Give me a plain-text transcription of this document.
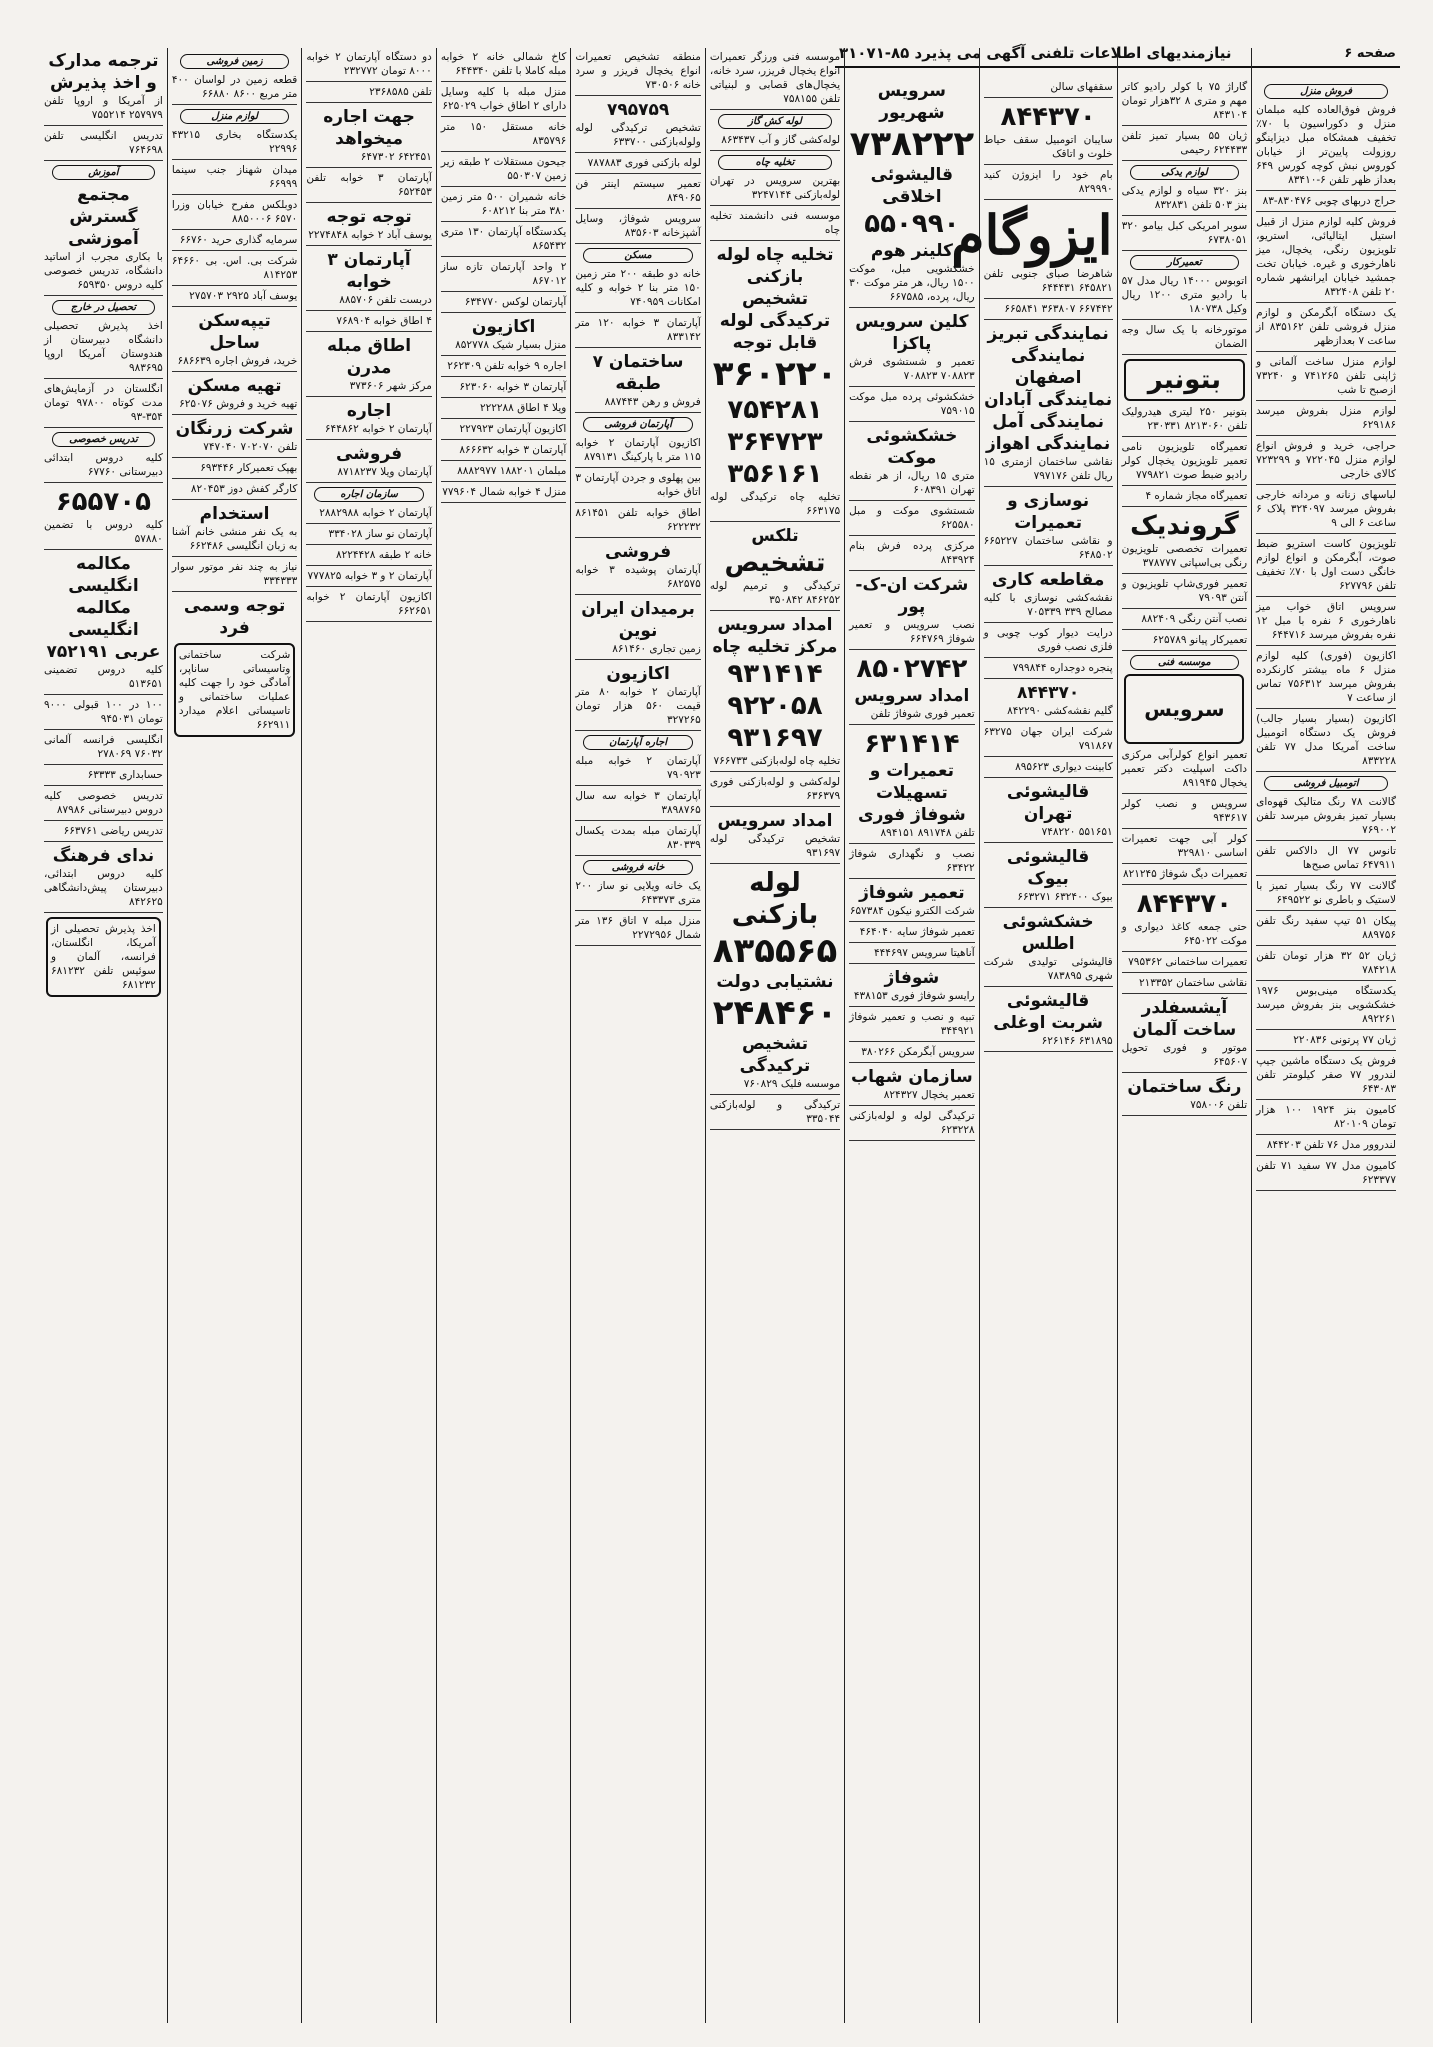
صفحه ۶
نیازمندیهای اطلاعات تلفنی آگهی می پذیرد ۸۵-۳۱۰۷۱
فروش منزل
فروش فوق‌العاده کلیه مبلمان منزل و دکوراسیون با ۷۰٪ تخفیف همشکاه مبل دیزاینگو روزولت پایین‌تر از خیابان کوروس نبش کوچه کورس ۶۴۹ بعداز ظهر تلفن ۶-۸۳۴۱۰
حراج دربهای چوبی ۸۳۰۴۷۶-۸۳
فروش کلیه لوازم منزل از قبیل استیل ایتالیائی، استریو، تلویزیون رنگی، یخچال، میز ناهارخوری و غیره. خیابان تخت جمشید خیابان ایرانشهر شماره ۲۰ تلفن ۸۳۲۴۰۸
یک دستگاه آبگرمکن و لوازم منزل فروشی تلفن ۸۳۵۱۶۲ از ساعت ۷ بعدازظهر
لوازم منزل ساخت آلمانی و ژاپنی تلفن ۷۴۱۲۶۵ و ۷۳۲۴۰ ازصبح تا شب
لوازم منزل بفروش میرسد ۶۲۹۱۸۶
حراجی، خرید و فروش انواع لوازم منزل ۷۲۲۰۴۵ و ۷۲۳۲۹۹ کالای خارجی
لباسهای زنانه و مردانه خارجی بفروش میرسد ۳۲۴۰۹۷ پلاک ۶ ساعت ۶ الی ۹
تلویزیون کاست استریو ضبط صوت، آبگرمکن و انواع لوازم خانگی دست اول با ۷۰٪ تخفیف تلفن ۶۲۷۷۹۶
سرویس اتاق خواب میز ناهارخوری ۶ نفره با مبل ۱۲ نفره بفروش میرسد ۶۴۴۷۱۶
اکازیون (فوری) کلیه لوازم منزل ۶ ماه بیشتر کارنکرده بفروش میرسد ۷۵۶۳۱۲ تماس از ساعت ۷
اکازیون (بسیار بسیار جالب) فروش یک دستگاه اتومبیل ساخت آمریکا مدل ۷۷ تلفن ۸۳۳۲۲۸
اتومبیل فروشی
گالانت ۷۸ رنگ متالیک قهوه‌ای بسیار تمیز بفروش میرسد تلفن ۷۶۹۰۰۲
تانوس ۷۷ ال دالاکس تلفن ۶۴۷۹۱۱ تماس صبح‌ها
گالانت ۷۷ رنگ بسیار تمیز با لاستیک و باطری نو ۶۴۹۵۲۲
پیکان ۵۱ تیپ سفید رنگ تلفن ۸۸۹۷۵۶
ژیان ۵۲ ۳۲ هزار تومان تلفن ۷۸۴۲۱۸
یکدستگاه مینی‌بوس ۱۹۷۶ خشکشویی بنز بفروش میرسد ۸۹۲۲۶۱
ژیان ۷۷ پرتونی ۲۲۰۸۳۶
فروش یک دستگاه ماشین جیپ لندرور ۷۷ صفر کیلومتر تلفن ۶۴۳۰۸۳
کامیون بنز ۱۹۲۴ ۱۰۰ هزار تومان ۸۲۰۱۰۹
لندروور مدل ۷۶ تلفن ۸۴۴۲۰۳
کامیون مدل ۷۷ سفید ۷۱ تلفن ۶۲۳۳۷۷
گاراژ ۷۵ با کولر رادیو کاتر مهم و متری ۸ ۳۲هزار تومان ۸۴۳۱۰۴
ژیان ۵۵ بسیار تمیز تلفن ۶۲۴۴۳۳ رحیمی
لوازم یدکی
بنز ۳۲۰ سیاه و لوازم یدکی بنز ۵۰۳ تلفن ۸۳۲۸۳۱
سوبر امریکی کبل بیامو ۳۲۰ ۶۷۳۸۰۵۱
تعمیرکار
اتوبوس ۱۴۰۰۰ ریال مدل ۵۷ با رادیو متری ۱۲۰۰ ریال وکیل ۱۸۰۷۳۸
موتورخانه با یک سال وجه الضمان
بتونیر
بتونیر ۲۵۰ لیتری هیدرولیک تلفن ۸۲۱۳۰۶۰ ۲۳۰۳۳۱
تعمیرگاه تلویزیون نامی تعمیر تلویزیون یخچال کولر رادیو ضبط صوت ۷۷۹۸۲۱
تعمیرگاه مجاز شماره ۴
گروندیک
تعمیرات تخصصی تلویزیون رنگی بی‌اسپاتی ۳۷۸۷۷۷
تعمیر فوری‌شاپ تلویزیون و آنتن ۷۹۰۹۳
نصب آنتن رنگی ۸۸۲۴۰۹
تعمیرکار پیانو ۶۲۵۷۸۹
موسسه فنی
سرویس
تعمیر انواع کولرآبی مرکزی داکت اسپلیت دکتر تعمیر یخچال ۸۹۱۹۴۵
سرویس و نصب کولر ۹۴۳۶۱۷
کولر آبی جهت تعمیرات اساسی ۳۲۹۸۱۰
تعمیرات دیگ شوفاژ ۸۲۱۲۴۵
۸۴۴۳۷۰
حتی جمعه کاغذ دیواری و موکت ۶۴۵۰۲۲
تعمیرات ساختمانی ۷۹۵۳۶۲
نقاشی ساختمان ۲۱۳۳۵۲
آیشسفلدر
ساخت آلمان
موتور و فوری تحویل ۶۴۵۶۰۷
رنگ ساختمان
تلفن ۷۵۸۰۰۶
سقفهای سالن
۸۴۴۳۷۰
سایبان اتومبیل سقف حیاط خلوت و اتاقک
بام خود را ایزوژن کنید ۸۲۹۹۹۰
ایزوگام
شاهرضا صبای جنوبی تلفن ۶۴۵۸۲۱ ۶۴۴۴۳۱
۶۶۷۴۴۲ ۳۶۳۸۰۷ ۶۶۵۸۴۱
نمایندگی تبریز
نمایندگی اصفهان
نمایندگی آبادان
نمایندگی آمل
نمایندگی اهواز
نقاشی ساختمان ازمترى ۱۵ ریال تلفن ۷۹۷۱۷۶
نوسازی و تعمیرات
و نقاشی ساختمان ۶۶۵۲۲۷ ۶۴۸۵۰۲
مقاطعه کاری
نقشه‌کشی نوسازی با کلیه مصالح ۳۳۹ ۷۰۵۳۳۹
درایت دیوار کوب چوبی و فلزی نصب فوری
پنجره دوجداره ۷۹۹۸۴۴
۸۴۴۳۷۰
گلیم نقشه‌کشی ۸۴۲۲۹۰
شرکت ایران جهان ۶۳۲۷۵ ۷۹۱۸۶۷
کابینت دیواری ۸۹۵۶۲۳
قالیشوئی تهران
۵۵۱۶۵۱ ۷۴۸۲۲۰
قالیشوئی بیوک
بیوک ۶۳۲۴۰۰ ۶۶۳۲۷۱
خشکشوئی اطلس
قالیشوئی تولیدی شرکت شهری ۷۸۳۸۹۵
قالیشوئی شربت اوغلی
۶۳۱۸۹۵ ۶۲۶۱۴۶
سرویس شهریور
۷۳۸۲۲۲
قالیشوئی اخلاقی
۵۵۰۹۹۰
کلینر هوم
خشکشویی مبل، موکت ۱۵۰۰ ریال، هر متر موکت ۳۰ ریال، پرده، ۶۶۷۵۸۵
کلین سرویس پاکزا
تعمیر و شستشوی فرش ۷۰۸۸۲۳ ۷۰۸۸۲۳
خشکشوئی پرده مبل موکت ۷۵۹۰۱۵
خشکشوئی موکت
متری ۱۵ ریال، از هر نقطه تهران ۶۰۸۳۹۱
شستشوی موکت و مبل ۶۲۵۵۸۰
مرکزی پرده فرش بنام ۸۴۳۹۲۴
شرکت ان-ک-پور
نصب سرویس و تعمیر شوفاژ ۶۶۴۷۶۹
۸۵۰۲۷۴۲
امداد سرویس
تعمیر فوری شوفاژ تلفن
۶۳۱۴۱۴
تعمیرات و تسهیلات شوفاژ فوری
تلفن ۸۹۱۷۴۸ ۸۹۴۱۵۱
نصب و نگهداری شوفاژ ۶۳۴۲۲
تعمیر شوفاژ
شرکت الکترو نیکون ۶۵۷۳۸۴
تعمیر شوفاژ سایه ۴۶۴۰۴۰
آناهیتا سرویس ۴۴۴۶۹۷
شوفاژ
رایسو شوفاژ فوری ۴۳۸۱۵۳
تبیه و نصب و تعمیر شوفاژ ۳۴۴۹۲۱
سرویس آبگرمکن ۳۸۰۲۶۶
سازمان شهاب
تعمیر یخچال ۸۲۴۳۲۷
ترکیدگی لوله و لوله‌بازکنی ۶۲۳۲۲۸
موسسه فنی ورزگر تعمیرات انواع یخچال فریزر، سرد خانه، یخچال‌های قصابی و لبنیاتی تلفن ۷۵۸۱۵۵
لوله کش گاز
لوله‌کشی گاز و آب ۸۶۳۴۳۷
تخلیه چاه
بهترین سرویس در تهران لوله‌بازکنی ۳۲۴۷۱۴۴
موسسه فنی دانشمند تخلیه چاه
تخلیه چاه لوله بازکنی
تشخیص ترکیدگی لوله
قابل توجه
۳۶۰۲۲۰
۷۵۴۲۸۱
۳۶۴۷۲۳
۳۵۶۱۶۱
تخلیه چاه ترکیدگی لوله ۶۶۳۱۷۵
تلکس
تشخیص
ترکیدگی و ترمیم لوله ۸۴۶۲۵۲ ۳۵۰۸۴۲
امداد سرویس مرکز تخلیه چاه
۹۳۱۴۱۴
۹۲۲۰۵۸
۹۳۱۶۹۷
تخلیه چاه لوله‌بازکنی ۷۶۶۷۳۳
لوله‌کشی و لوله‌بازکنی فوری ۶۳۶۳۷۹
امداد سرویس
تشخیص ترکیدگی لوله ۹۳۱۶۹۷
لوله بازکنی
۸۳۵۵۶۵
نشتیابی دولت
۲۴۸۴۶۰
تشخیص ترکیدگی
موسسه فلیک ۷۶۰۸۲۹
ترکیدگی و لوله‌بازکنی ۳۳۵۰۴۴
منطقه تشخیص تعمیرات انواع یخچال فریزر و سرد خانه ۷۳۰۵۰۶
۷۹۵۷۵۹
تشخیص ترکیدگی لوله ولوله‌بازکنی ۶۳۳۷۰۰
لوله بازکنی فوری ۷۸۷۸۸۳
تعمیر سیستم اینتر فن ۸۴۹۰۶۵
سرویس شوفاژ، وسایل آشپزخانه ۸۳۵۶۰۳
مسکن
خانه دو طبقه ۲۰۰ متر زمین ۱۵۰ متر بنا ۲ خوابه و کلیه امکانات ۷۴۰۹۵۹
آپارتمان ۳ خوابه ۱۲۰ متر ۸۳۳۱۴۲
ساختمان ۷ طبقه
فروش و رهن ۸۸۷۴۴۳
آپارتمان فروشی
اکازیون آپارتمان ۲ خوابه ۱۱۵ متر با پارکینگ ۸۷۹۱۳۱
بین پهلوی و جردن آپارتمان ۳ اتاق خوابه
اطاق خوابه تلفن ۸۶۱۴۵۱ ۶۲۲۲۳۲
فروشی
آپارتمان پوشیده ۳ خوابه ۶۸۲۵۷۵
برمیدان ایران نوین
زمین تجاری ۸۶۱۴۶۰
اکازیون
آپارتمان ۲ خوابه ۸۰ متر قیمت ۵۶۰ هزار تومان ۳۲۷۲۶۵
اجاره آپارتمان
آپارتمان ۲ خوابه مبله ۷۹۰۹۲۳
آپارتمان ۳ خوابه سه سال ۳۸۹۸۷۶۵
آپارتمان مبله بمدت یکسال ۸۳۰۳۳۹
خانه فروشی
یک خانه ویلایی نو ساز ۲۰۰ متری ۶۴۳۳۷۳
منزل مبله ۷ اتاق ۱۳۶ متر شمال ۲۲۷۲۹۵۶
کاخ شمالی خانه ۲ خوابه مبله کاملا با تلفن ۶۴۴۳۴۰
منزل مبله با کلیه وسایل دارای ۲ اطاق خواب ۶۲۵۰۲۹
خانه مستقل ۱۵۰ متر ۸۳۵۷۹۶
جیحون مستقلات ۲ طبقه زیر زمین ۵۵۰۳۰۷
خانه شمیران ۵۰۰ متر زمین ۳۸۰ متر بنا ۶۰۸۲۱۲
یکدستگاه آپارتمان ۱۳۰ متری ۸۶۵۴۳۲
۲ واحد آپارتمان تازه ساز ۸۶۷۰۱۲
آپارتمان لوکس ۶۳۴۷۷۰
اکازیون
منزل بسیار شیک ۸۵۲۷۷۸
اجاره ۹ خوابه تلفن ۲۶۲۳۰۹
آپارتمان ۳ خوابه ۶۲۳۰۶۰
ویلا ۴ اطاق ۲۲۲۲۸۸
اکازیون آپارتمان ۲۲۷۹۲۳
آپارتمان ۳ خوابه ۸۶۶۶۳۲
مبلمان ۱۸۸۲۰۱ ۸۸۸۲۹۷۷
منزل ۴ خوابه شمال ۷۷۹۶۰۴
دو دستگاه آپارتمان ۲ خوابه ۸۰۰۰ تومان ۲۳۲۷۷۲
تلفن ۲۳۶۸۵۸۵
جهت اجاره میخواهد
۶۴۲۴۵۱ ۶۴۷۳۰۲
آپارتمان ۳ خوابه تلفن ۶۵۲۴۵۳
توجه توجه
یوسف آباد ۲ خوابه ۲۲۷۴۸۴۸
آپارتمان ۳ خوابه
دربست تلفن ۸۸۵۷۰۶
۴ اطاق خوابه ۷۶۸۹۰۴
اطاق مبله مدرن
مرکز شهر ۳۷۳۶۰۶
اجاره
آپارتمان ۲ خوابه ۶۴۴۸۶۲
فروشی
آپارتمان ویلا ۸۷۱۸۲۳۷
سازمان اجاره
آپارتمان ۲ خوابه ۲۸۸۲۹۸۸
آپارتمان نو ساز ۳۳۴۰۲۸
خانه ۲ طبقه ۸۲۲۴۴۲۸
آپارتمان ۲ و ۳ خوابه ۷۷۷۸۲۵
اکازیون آپارتمان ۲ خوابه ۶۶۲۶۵۱
زمین فروشی
قطعه زمین در لواسان ۴۰۰ متر مربع ۸۶۰۰ ۶۶۸۸۰
لوازم منزل
یکدستگاه بخاری ۴۳۲۱۵ ۲۲۹۹۶
میدان شهناز جنب سینما ۶۶۹۹۹
دوبلکس مفرح خیابان وزرا ۶۵۷۰ ۸۸۵۰۰۰۶
سرمایه گذاری حرید ۶۶۷۶۰
شرکت بی. اس. بی ۶۴۶۶۰ ۸۱۴۲۵۳
یوسف آباد ۲۹۲۵ ۲۷۵۷۰۳
تیپه‌سکن
ساحل
خرید، فروش اجاره ۶۸۶۶۳۹
تهیه مسکن
تهیه‌ خرید و فروش ۶۲۵۰۷۶
شرکت زرنگان
تلفن ۷۰۲۰۷۰ ۷۴۷۰۴۰
بهپک تعمیرکار ۶۹۳۴۴۶
کارگر کفش دوز ۸۲۰۴۵۳
استخدام
به یک نفر منشی خانم آشنا به زبان انگلیسی ۶۶۲۴۸۶
نیاز به چند نفر موتور سوار ۳۳۴۳۳۳
توجه وسمی فرد
شرکت ساختمانی وتاسیساتی ساناپر، آمادگی خود را جهت کلیه عملیات ساختمانی و تاسیساتی اعلام میدارد ۶۶۲۹۱۱
ترجمه مدارک
و اخذ پذیرش
از آمریکا و اروپا تلفن ۲۵۷۹۷۹ ۷۵۵۲۱۴
تدریس انگلیسی تلفن ۷۶۴۶۹۸
آموزش
مجتمع گسترش آموزشی
با بکاری مجرب از اساتید دانشگاه، تدریس خصوصی کلیه دروس ۶۵۹۳۵۰
تحصیل در خارج
اخذ پذیرش تحصیلی دانشگاه دبیرستان از هندوستان آمریکا اروپا ۹۸۳۶۹۵
انگلستان در آزمایش‌های مدت کوتاه ۹۷۸۰۰ تومان ۳۵۴-۹۳
تدریس خصوصی
کلیه دروس ابتدائی دبیرستانی ۶۷۷۶۰
۶۵۵۷۰۵
کلیه دروس با تضمین ۵۷۸۸۰
مکالمه انگلیسی
مکالمه انگلیسی
عربی ۷۵۲۱۹۱
کلیه دروس تضمینی ۵۱۳۶۵۱
۱۰۰ در ۱۰۰ قبولی ۹۰۰۰ تومان ۹۴۵۰۳۱
انگلیسی فرانسه آلمانی ۷۶۰۳۲ ۲۷۸۰۶۹
حسابداری ۶۳۳۳۳
تدریس خصوصی کلیه دروس دبیرستانی ۸۷۹۸۶
تدریس ریاضی ۶۶۳۷۶۱
ندای فرهنگ
کلیه دروس ابتدائی، دبیرستان پیش‌دانشگاهی ۸۴۲۶۲۵
اخذ پذیرش تحصیلی از آمریکا، انگلستان، فرانسه، آلمان و سوئیس تلفن ۶۸۱۲۳۲ ۶۸۱۲۳۲
